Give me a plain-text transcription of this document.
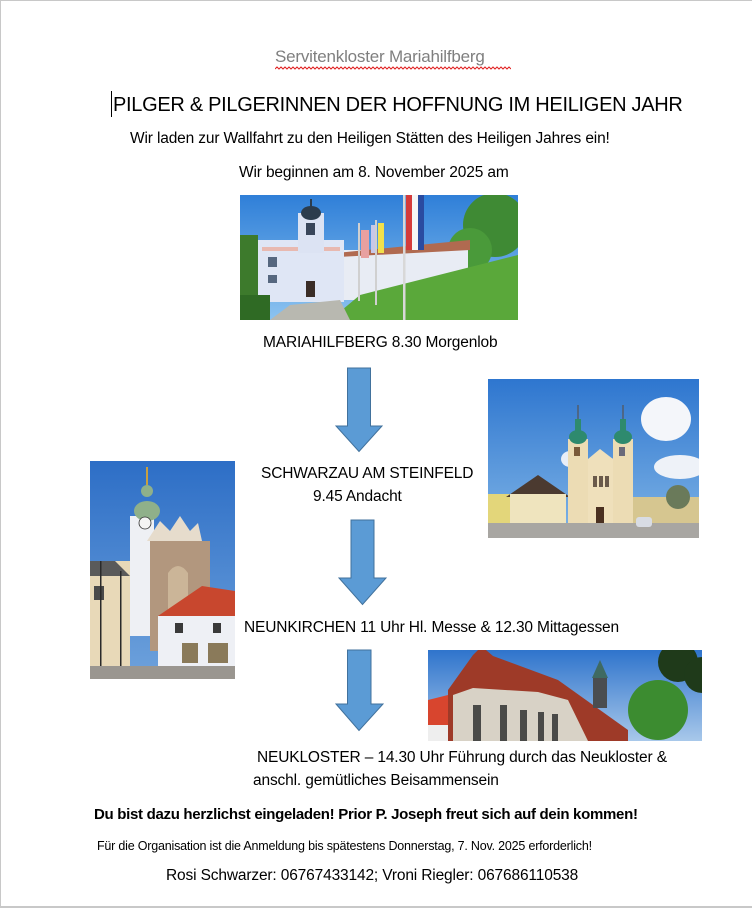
Servitenkloster Mariahilfberg
PILGER & PILGERINNEN DER HOFFNUNG IM HEILIGEN JAHR
Wir laden zur Wallfahrt zu den Heiligen Stätten des Heiligen Jahres ein!
Wir beginnen am 8. November 2025 am
MARIAHILFBERG 8.30 Morgenlob
SCHWARZAU AM STEINFELD
9.45 Andacht
NEUNKIRCHEN 11 Uhr Hl. Messe & 12.30 Mittagessen
NEUKLOSTER – 14.30 Uhr Führung durch das Neukloster &
anschl. gemütliches Beisammensein
Du bist dazu herzlichst eingeladen! Prior P. Joseph freut sich auf dein kommen!
Für die Organisation ist die Anmeldung bis spätestens Donnerstag, 7. Nov. 2025 erforderlich!
Rosi Schwarzer: 06767433142; Vroni Riegler: 067686110538
